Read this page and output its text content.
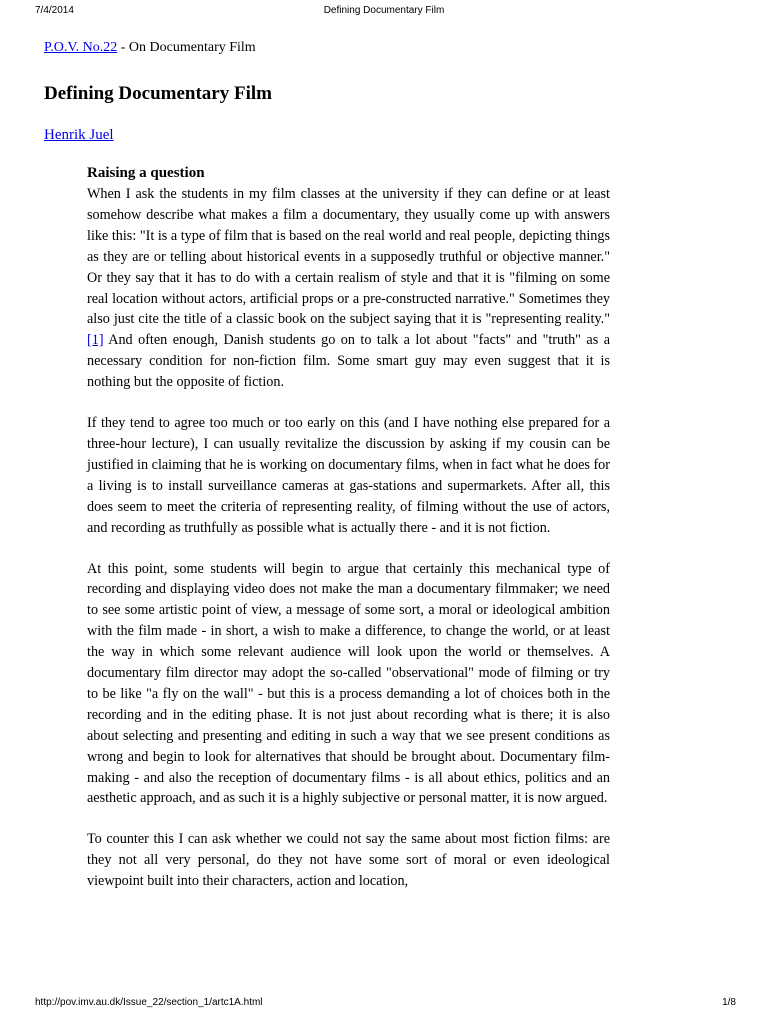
7/4/2014	Defining Documentary Film
P.O.V. No.22 - On Documentary Film
Defining Documentary Film
Henrik Juel
Raising a question

When I ask the students in my film classes at the university if they can define or at least somehow describe what makes a film a documentary, they usually come up with answers like this: "It is a type of film that is based on the real world and real people, depicting things as they are or telling about historical events in a supposedly truthful or objective manner." Or they say that it has to do with a certain realism of style and that it is "filming on some real location without actors, artificial props or a pre-constructed narrative." Sometimes they also just cite the title of a classic book on the subject saying that it is "representing reality." [1] And often enough, Danish students go on to talk a lot about "facts" and "truth" as a necessary condition for non-fiction film. Some smart guy may even suggest that it is nothing but the opposite of fiction.

If they tend to agree too much or too early on this (and I have nothing else prepared for a three-hour lecture), I can usually revitalize the discussion by asking if my cousin can be justified in claiming that he is working on documentary films, when in fact what he does for a living is to install surveillance cameras at gas-stations and supermarkets. After all, this does seem to meet the criteria of representing reality, of filming without the use of actors, and recording as truthfully as possible what is actually there - and it is not fiction.

At this point, some students will begin to argue that certainly this mechanical type of recording and displaying video does not make the man a documentary filmmaker; we need to see some artistic point of view, a message of some sort, a moral or ideological ambition with the film made - in short, a wish to make a difference, to change the world, or at least the way in which some relevant audience will look upon the world or themselves. A documentary film director may adopt the so-called "observational" mode of filming or try to be like "a fly on the wall" - but this is a process demanding a lot of choices both in the recording and in the editing phase. It is not just about recording what is there; it is also about selecting and presenting and editing in such a way that we see present conditions as wrong and begin to look for alternatives that should be brought about. Documentary film- making - and also the reception of documentary films - is all about ethics, politics and an aesthetic approach, and as such it is a highly subjective or personal matter, it is now argued.

To counter this I can ask whether we could not say the same about most fiction films: are they not all very personal, do they not have some sort of moral or even ideological viewpoint built into their characters, action and location,

http://pov.imv.au.dk/Issue_22/section_1/artc1A.html	1/8
